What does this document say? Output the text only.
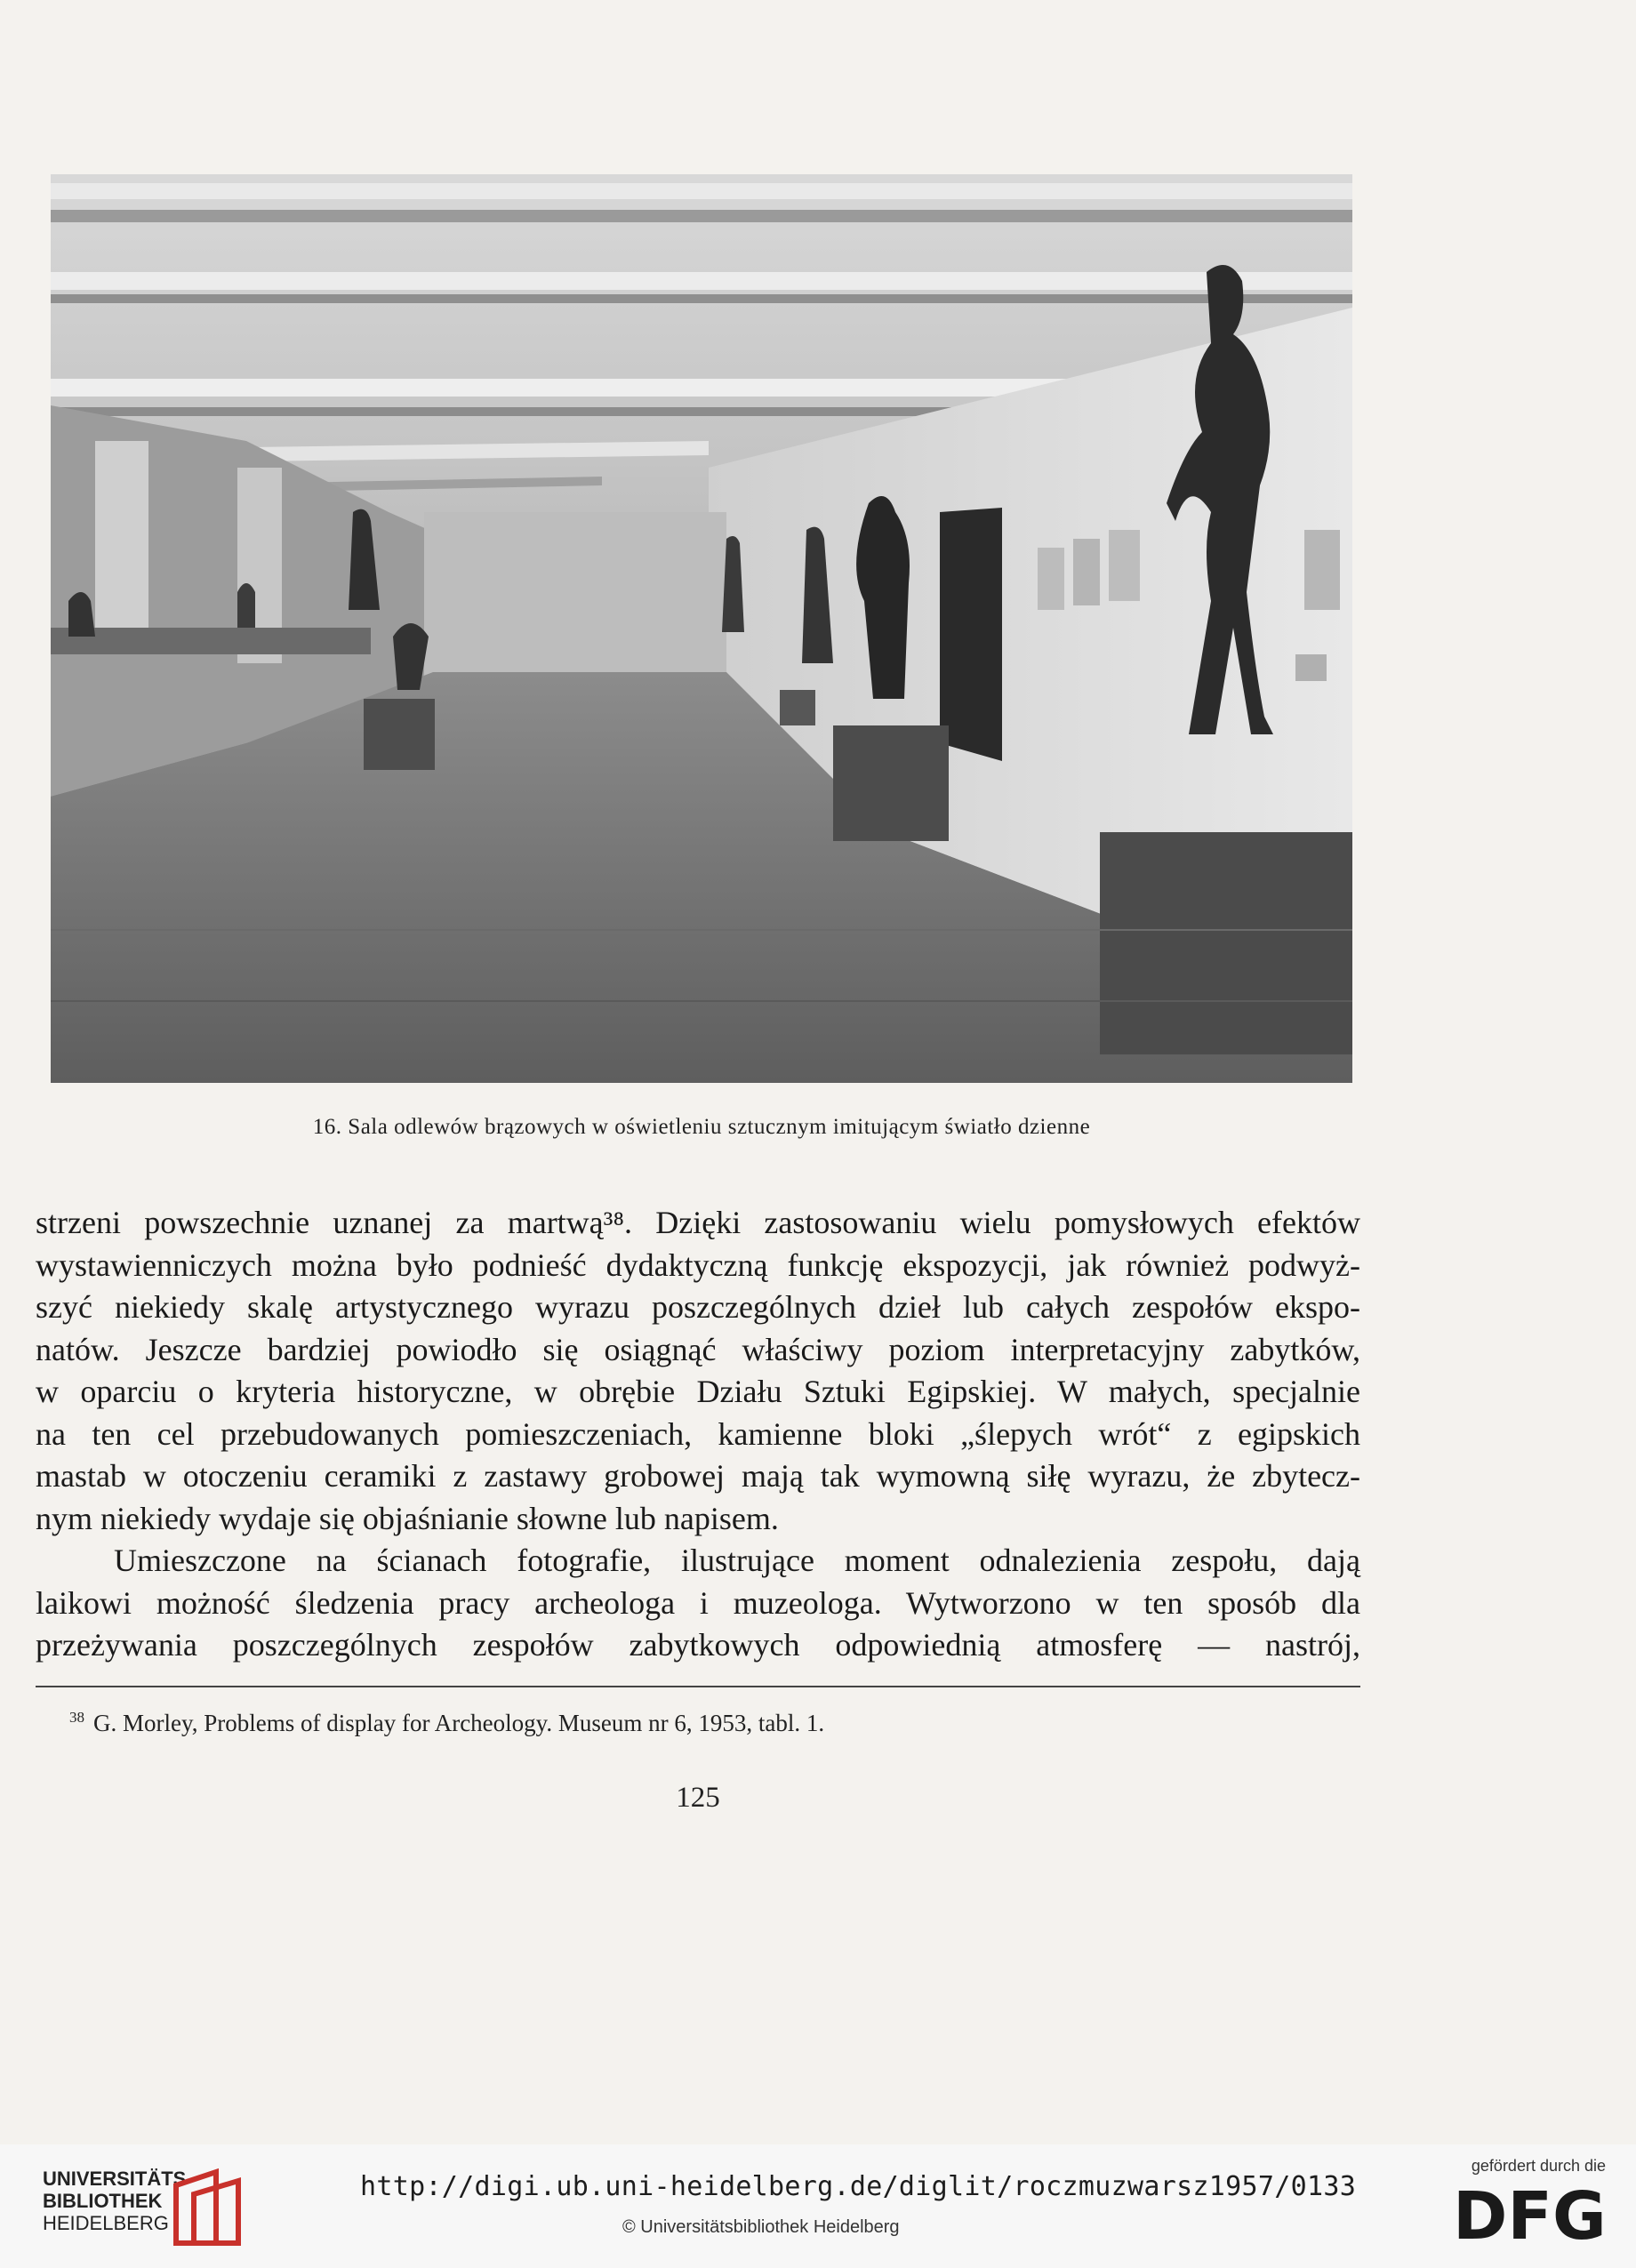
16. Sala odlewów brązowych w oświetleniu sztucznym imitującym światło dzienne

strzeni powszechnie uznanej za martwą³⁸. Dzięki zastosowaniu wielu pomysłowych efektów
wystawienniczych można było podnieść dydaktyczną funkcję ekspozycji, jak również podwyż-
szyć niekiedy skalę artystycznego wyrazu poszczególnych dzieł lub całych zespołów ekspo-
natów. Jeszcze bardziej powiodło się osiągnąć właściwy poziom interpretacyjny zabytków,
w oparciu o kryteria historyczne, w obrębie Działu Sztuki Egipskiej. W małych, specjalnie
na ten cel przebudowanych pomieszczeniach, kamienne bloki „ślepych wrót“ z egipskich
mastab w otoczeniu ceramiki z zastawy grobowej mają tak wymowną siłę wyrazu, że zbytecz-
nym niekiedy wydaje się objaśnianie słowne lub napisem.

Umieszczone na ścianach fotografie, ilustrujące moment odnalezienia zespołu, dają
laikowi możność śledzenia pracy archeologa i muzeologa. Wytworzono w ten sposób dla
przeżywania poszczególnych zespołów zabytkowych odpowiednią atmosferę — nastrój,

$^{38}$ G. Morley, Problems of display for Archeology. Museum nr 6, 1953, tabl. 1.
125
UNIVERSITÄTS-
BIBLIOTHEK
HEIDELBERG
http://digi.ub.uni-heidelberg.de/diglit/roczmuzwarsz1957/0133
© Universitätsbibliothek Heidelberg
gefördert durch die
DFG
